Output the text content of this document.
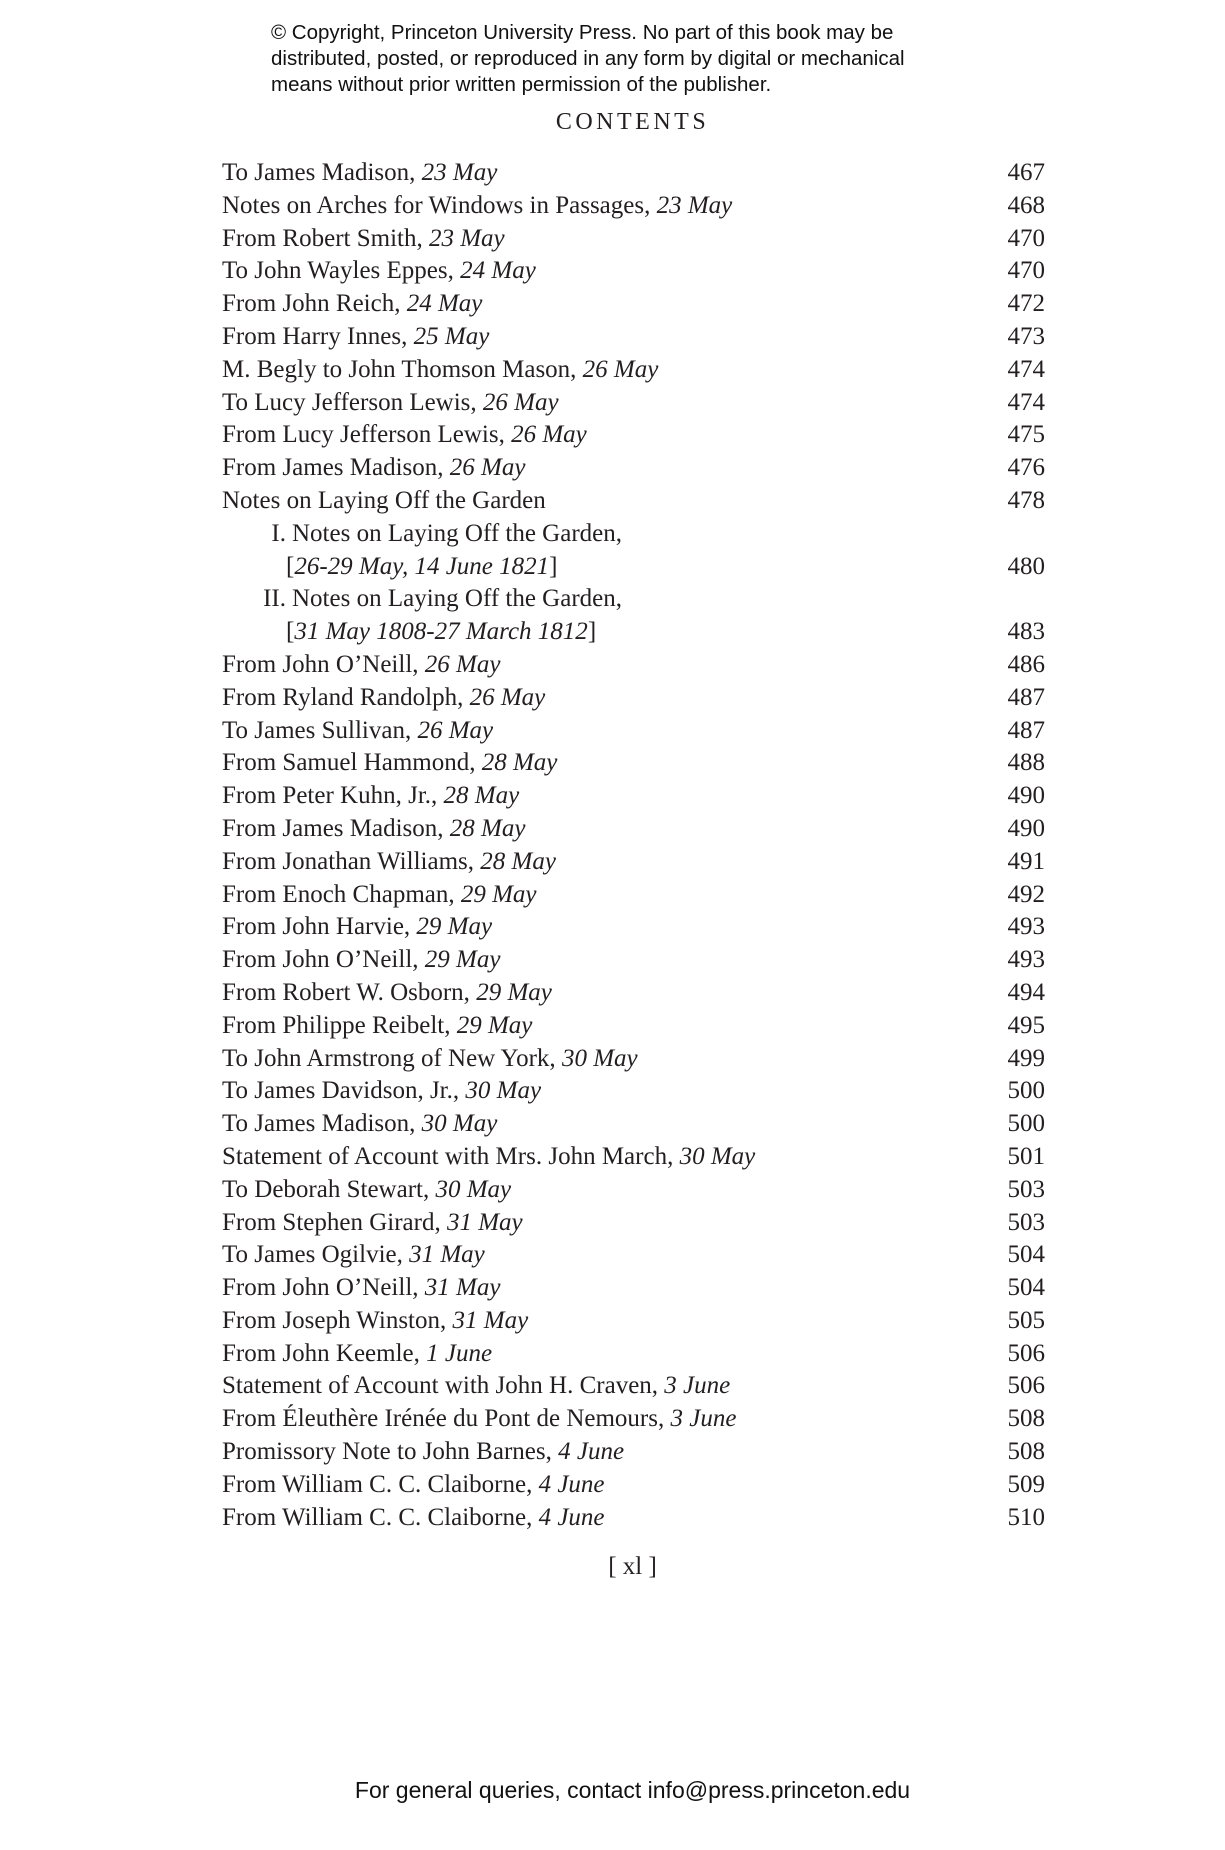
© Copyright, Princeton University Press. No part of this book may be
distributed, posted, or reproduced in any form by digital or mechanical
means without prior written permission of the publisher.
CONTENTS
To James Madison, 23 May	467
Notes on Arches for Windows in Passages, 23 May	468
From Robert Smith, 23 May	470
To John Wayles Eppes, 24 May	470
From John Reich, 24 May	472
From Harry Innes, 25 May	473
M. Begly to John Thomson Mason, 26 May	474
To Lucy Jefferson Lewis, 26 May	474
From Lucy Jefferson Lewis, 26 May	475
From James Madison, 26 May	476
Notes on Laying Off the Garden	478
I. Notes on Laying Off the Garden,
[26-29 May, 14 June 1821]	480
II. Notes on Laying Off the Garden,
[31 May 1808-27 March 1812]	483
From John O’Neill, 26 May	486
From Ryland Randolph, 26 May	487
To James Sullivan, 26 May	487
From Samuel Hammond, 28 May	488
From Peter Kuhn, Jr., 28 May	490
From James Madison, 28 May	490
From Jonathan Williams, 28 May	491
From Enoch Chapman, 29 May	492
From John Harvie, 29 May	493
From John O’Neill, 29 May	493
From Robert W. Osborn, 29 May	494
From Philippe Reibelt, 29 May	495
To John Armstrong of New York, 30 May	499
To James Davidson, Jr., 30 May	500
To James Madison, 30 May	500
Statement of Account with Mrs. John March, 30 May	501
To Deborah Stewart, 30 May	503
From Stephen Girard, 31 May	503
To James Ogilvie, 31 May	504
From John O’Neill, 31 May	504
From Joseph Winston, 31 May	505
From John Keemle, 1 June	506
Statement of Account with John H. Craven, 3 June	506
From Éleuthère Irénée du Pont de Nemours, 3 June	508
Promissory Note to John Barnes, 4 June	508
From William C. C. Claiborne, 4 June	509
From William C. C. Claiborne, 4 June	510
[ xl ]
For general queries, contact info@press.princeton.edu
